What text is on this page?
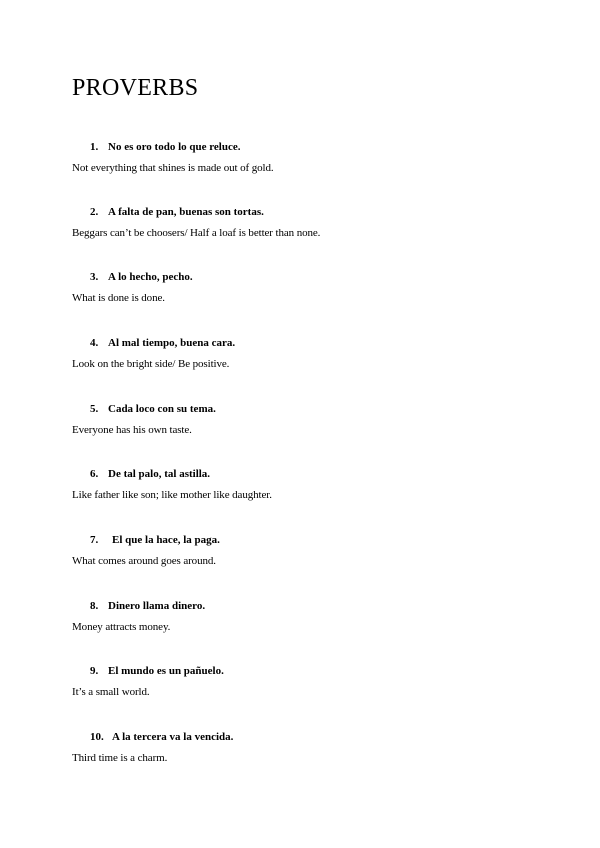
PROVERBS

1. No es oro todo lo que reluce.

Not everything that shines is made out of gold.

2. A falta de pan, buenas son tortas.

Beggars can’t be choosers/ Half a loaf is better than none.

3. A lo hecho, pecho.

What is done is done.

4. Al mal tiempo, buena cara.

Look on the bright side/ Be positive.

5. Cada loco con su tema.

Everyone has his own taste.

6. De tal palo, tal astilla.

Like father like son; like mother like daughter.

7. El que la hace, la paga.

What comes around goes around.

8. Dinero llama dinero.

Money attracts money.

9. El mundo es un pañuelo.

It’s a small world.

10. A la tercera va la vencida.

Third time is a charm.
